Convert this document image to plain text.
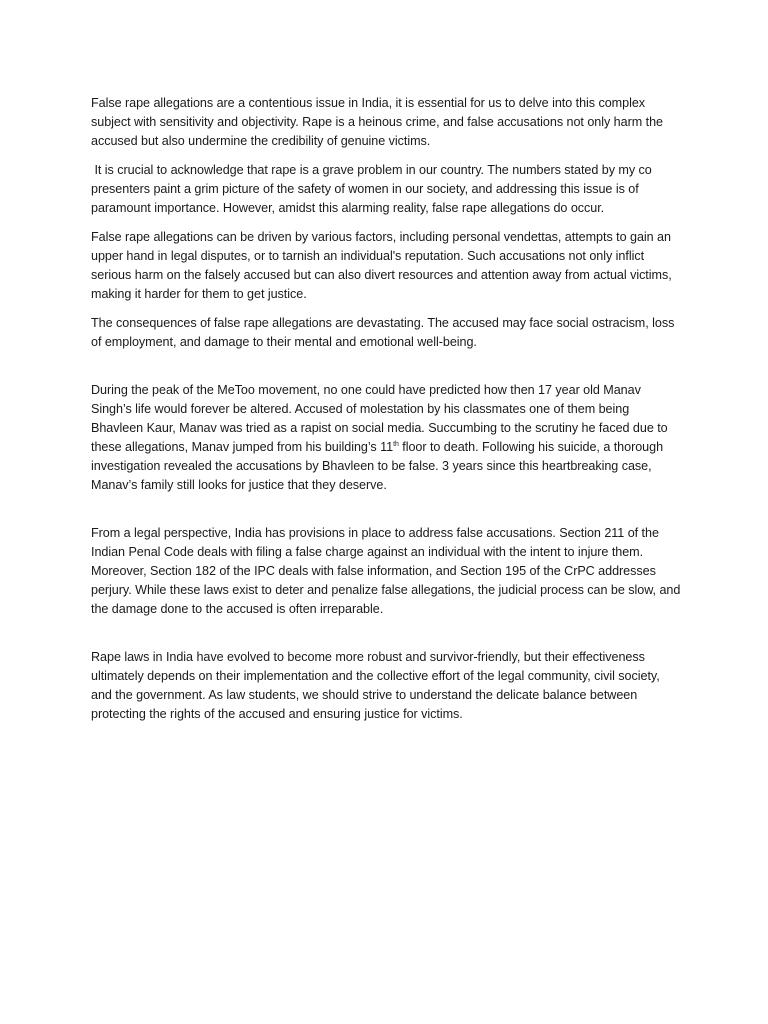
False rape allegations are a contentious issue in India, it is essential for us to delve into this complex subject with sensitivity and objectivity. Rape is a heinous crime, and false accusations not only harm the accused but also undermine the credibility of genuine victims.

It is crucial to acknowledge that rape is a grave problem in our country. The numbers stated by my co presenters paint a grim picture of the safety of women in our society, and addressing this issue is of paramount importance. However, amidst this alarming reality, false rape allegations do occur.

False rape allegations can be driven by various factors, including personal vendettas, attempts to gain an upper hand in legal disputes, or to tarnish an individual's reputation. Such accusations not only inflict serious harm on the falsely accused but can also divert resources and attention away from actual victims, making it harder for them to get justice.

The consequences of false rape allegations are devastating. The accused may face social ostracism, loss of employment, and damage to their mental and emotional well-being.

During the peak of the MeToo movement, no one could have predicted how then 17 year old Manav Singh’s life would forever be altered. Accused of molestation by his classmates one of them being Bhavleen Kaur, Manav was tried as a rapist on social media. Succumbing to the scrutiny he faced due to these allegations, Manav jumped from his building’s 11th floor to death. Following his suicide, a thorough investigation revealed the accusations by Bhavleen to be false. 3 years since this heartbreaking case, Manav’s family still looks for justice that they deserve.

From a legal perspective, India has provisions in place to address false accusations. Section 211 of the Indian Penal Code deals with filing a false charge against an individual with the intent to injure them. Moreover, Section 182 of the IPC deals with false information, and Section 195 of the CrPC addresses perjury. While these laws exist to deter and penalize false allegations, the judicial process can be slow, and the damage done to the accused is often irreparable.

Rape laws in India have evolved to become more robust and survivor-friendly, but their effectiveness ultimately depends on their implementation and the collective effort of the legal community, civil society, and the government. As law students, we should strive to understand the delicate balance between protecting the rights of the accused and ensuring justice for victims.
